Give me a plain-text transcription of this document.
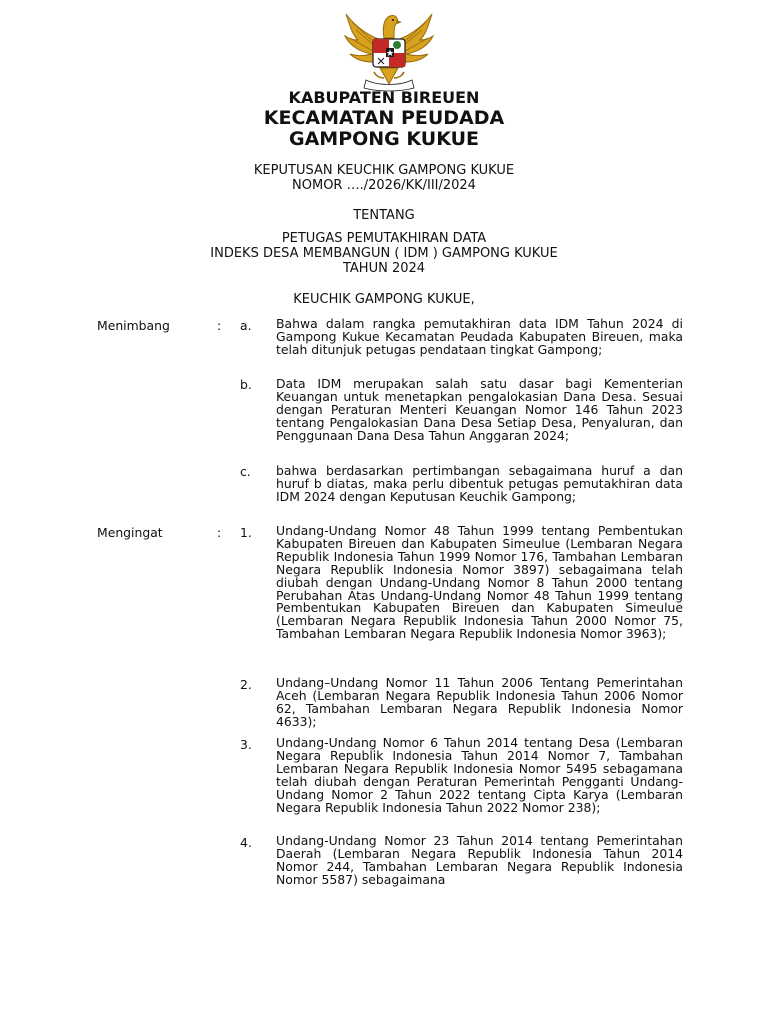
KABUPATEN BIREUEN
KECAMATAN PEUDADA
GAMPONG KUKUE
KEPUTUSAN KEUCHIK GAMPONG KUKUE
NOMOR …./2026/KK/III/2024
TENTANG
PETUGAS PEMUTAKHIRAN DATA
INDEKS DESA MEMBANGUN ( IDM ) GAMPONG KUKUE
TAHUN 2024
KEUCHIK GAMPONG KUKUE,
Menimbang	: a. Bahwa dalam rangka pemutakhiran data IDM Tahun 2024 di Gampong Kukue Kecamatan Peudada Kabupaten Bireuen, maka telah ditunjuk petugas pendataan tingkat Gampong;
b. Data IDM merupakan salah satu dasar bagi Kementerian Keuangan untuk menetapkan pengalokasian Dana Desa. Sesuai dengan Peraturan Menteri Keuangan Nomor 146 Tahun 2023 tentang Pengalokasian Dana Desa Setiap Desa, Penyaluran, dan Penggunaan Dana Desa Tahun Anggaran 2024;
c. bahwa berdasarkan pertimbangan sebagaimana huruf a dan huruf b diatas, maka perlu dibentuk petugas pemutakhiran data IDM 2024 dengan Keputusan Keuchik Gampong;
Mengingat	: 1. Undang-Undang Nomor 48 Tahun 1999 tentang Pembentukan Kabupaten Bireuen dan Kabupaten Simeulue (Lembaran Negara Republik Indonesia Tahun 1999 Nomor 176, Tambahan Lembaran Negara Republik Indonesia Nomor 3897) sebagaimana telah diubah dengan Undang-Undang Nomor 8 Tahun 2000 tentang Perubahan Atas Undang-Undang Nomor 48 Tahun 1999 tentang Pembentukan Kabupaten Bireuen dan Kabupaten Simeulue (Lembaran Negara Republik Indonesia Tahun 2000 Nomor 75, Tambahan Lembaran Negara Republik Indonesia Nomor 3963);
2. Undang–Undang Nomor 11 Tahun 2006 Tentang Pemerintahan Aceh (Lembaran Negara Republik Indonesia Tahun 2006 Nomor 62, Tambahan Lembaran Negara Republik Indonesia Nomor 4633);
3. Undang-Undang Nomor 6 Tahun 2014 tentang Desa (Lembaran Negara Republik Indonesia Tahun 2014 Nomor 7, Tambahan Lembaran Negara Republik Indonesia Nomor 5495 sebagamana telah diubah dengan Peraturan Pemerintah Pengganti Undang-Undang Nomor 2 Tahun 2022 tentang Cipta Karya (Lembaran Negara Republik Indonesia Tahun 2022 Nomor 238);
4. Undang-Undang Nomor 23 Tahun 2014 tentang Pemerintahan Daerah (Lembaran Negara Republik Indonesia Tahun 2014 Nomor 244, Tambahan Lembaran Negara Republik Indonesia Nomor 5587) sebagaimana
